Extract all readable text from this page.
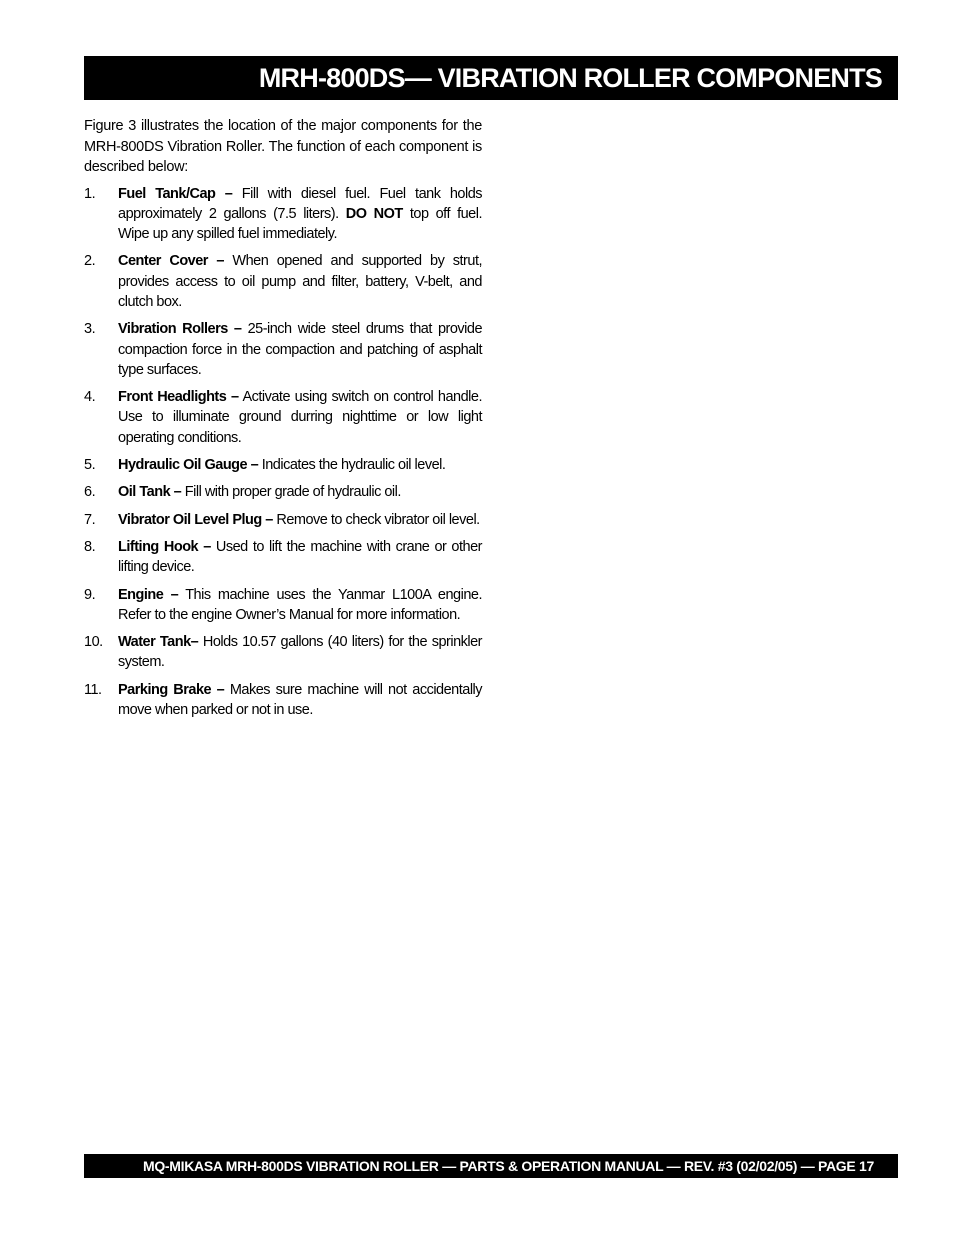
MRH-800DS— VIBRATION ROLLER COMPONENTS

Figure 3 illustrates the location of the major components for the MRH-800DS Vibration Roller. The function of each component is described below:

1.	Fuel Tank/Cap – Fill with diesel fuel. Fuel tank holds approximately 2 gallons (7.5 liters). DO NOT top off fuel. Wipe up any spilled fuel immediately.
2.	Center Cover – When opened and supported by strut, provides access to oil pump and filter, battery, V-belt, and clutch box.
3.	Vibration Rollers – 25-inch wide steel drums that provide compaction force in the compaction and patching of asphalt type surfaces.
4.	Front Headlights – Activate using switch on control handle. Use to illuminate ground durring nighttime or low light operating conditions.
5.	Hydraulic Oil Gauge – Indicates the hydraulic oil level.
6.	Oil Tank – Fill with proper grade of hydraulic oil.
7.	Vibrator Oil Level Plug – Remove to check vibrator oil level.
8.	Lifting Hook – Used to lift the machine with crane or other lifting device.
9.	Engine – This machine uses the Yanmar L100A engine. Refer to the engine Owner’s Manual for more information.
10.	Water Tank– Holds 10.57 gallons (40 liters) for the sprinkler system.
11.	Parking Brake – Makes sure machine will not accidentally move when parked or not in use.
MQ-MIKASA MRH-800DS VIBRATION ROLLER — PARTS & OPERATION MANUAL — REV. #3 (02/02/05) — PAGE 17
